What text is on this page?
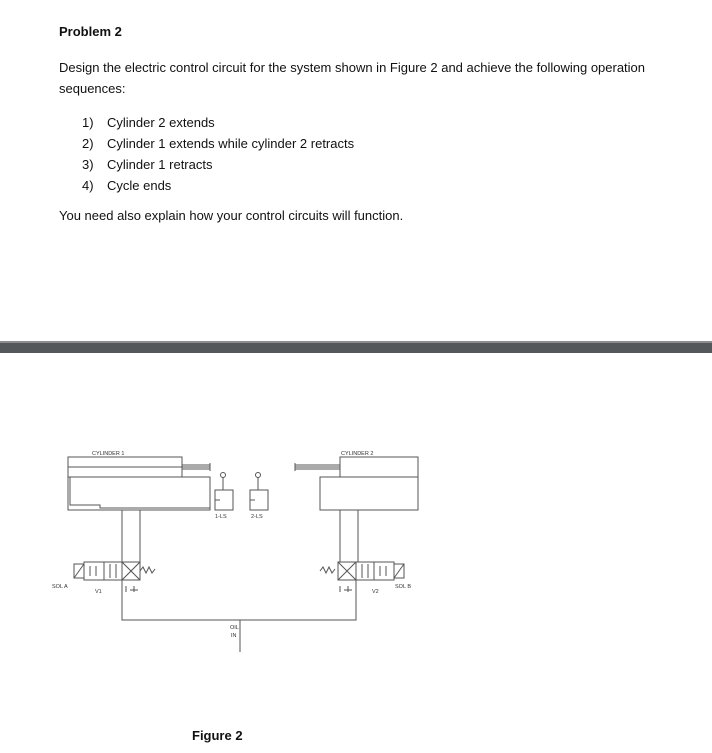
Problem 2
Design the electric control circuit for the system shown in Figure 2 and achieve the following operation sequences:
1)	Cylinder 2 extends
2)	Cylinder 1 extends while cylinder 2 retracts
3)	Cylinder 1 retracts
4)	Cycle ends
You need also explain how your control circuits will function.
CYLINDER 1	CYLINDER 2
1-LS	2-LS
SOL A	SOL B
V1	V2
OIL
IN
Figure 2
